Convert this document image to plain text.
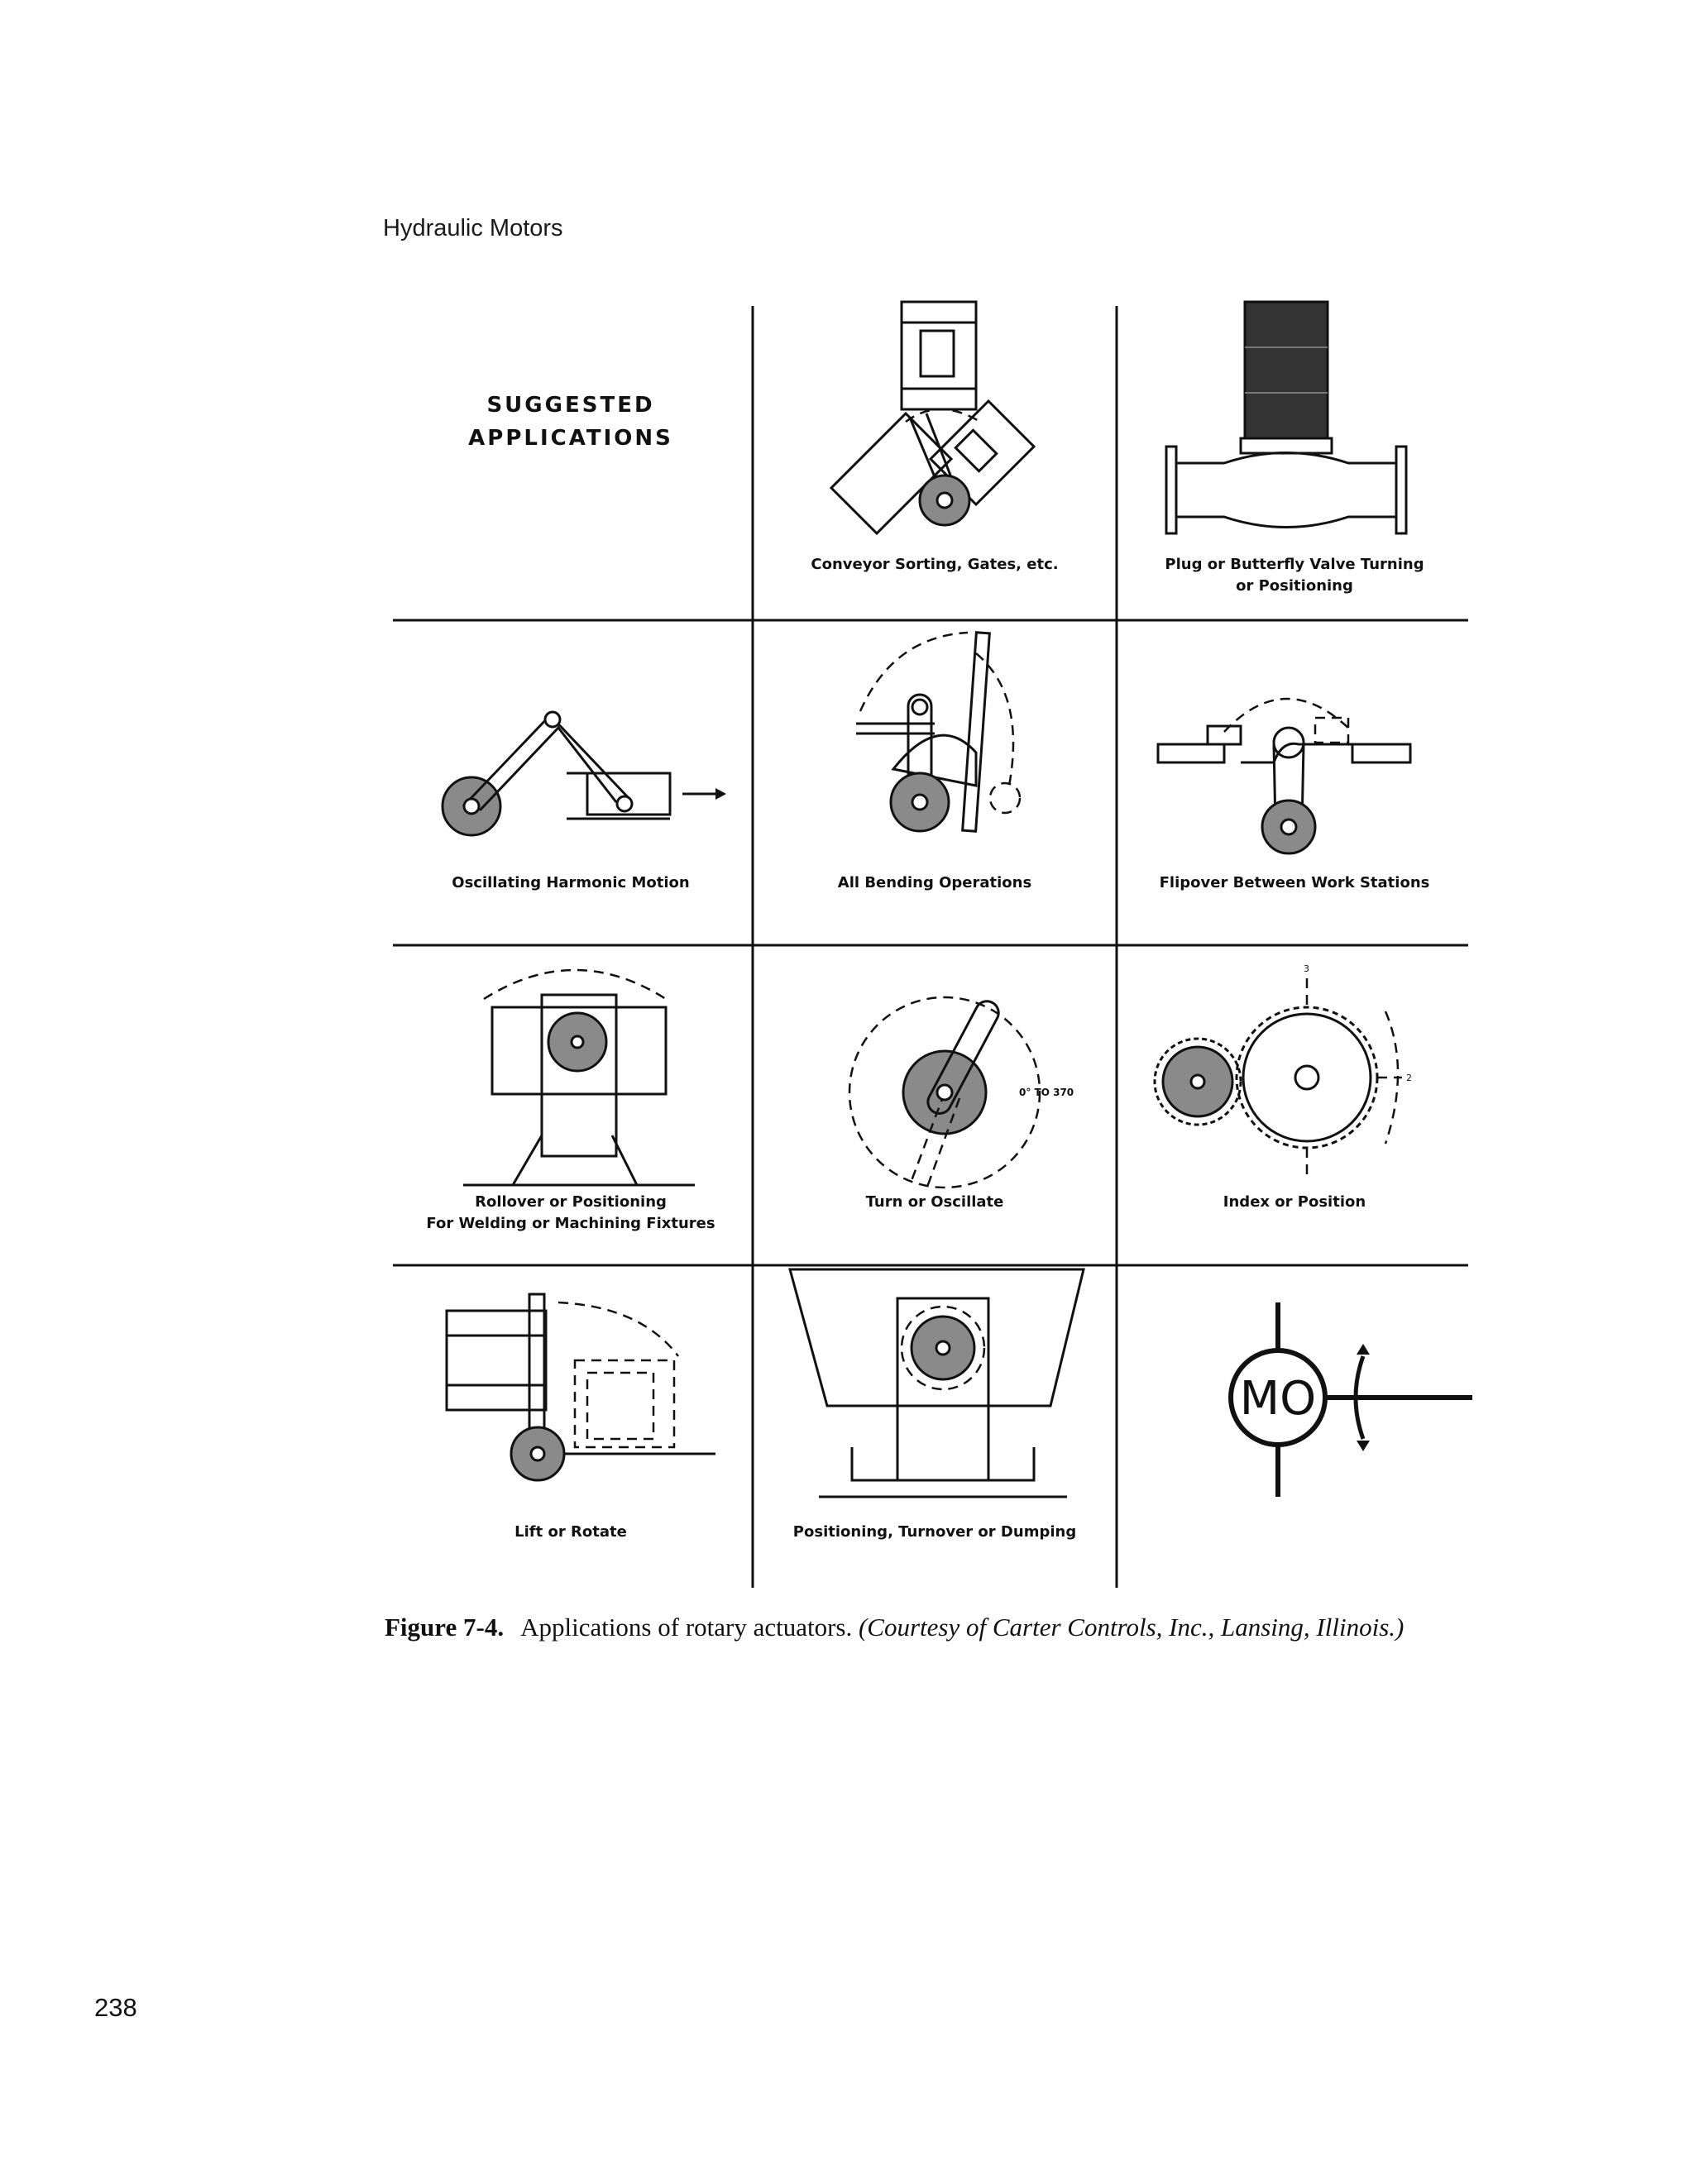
Hydraulic Motors
SUGGESTED
APPLICATIONS
Conveyor Sorting, Gates, etc.	Plug or Butterfly Valve Turning
or Positioning
Oscillating Harmonic Motion	All Bending Operations	Flipover Between Work Stations
Rollover or Positioning
For Welding or Machining Fixtures
0° TO 370
Turn or Oscillate
3
2
Index or Position
Lift or Rotate	Positioning, Turnover or Dumping
MO
Figure 7-4. Applications of rotary actuators. (Courtesy of Carter Controls, Inc., Lansing, Illinois.)
238
